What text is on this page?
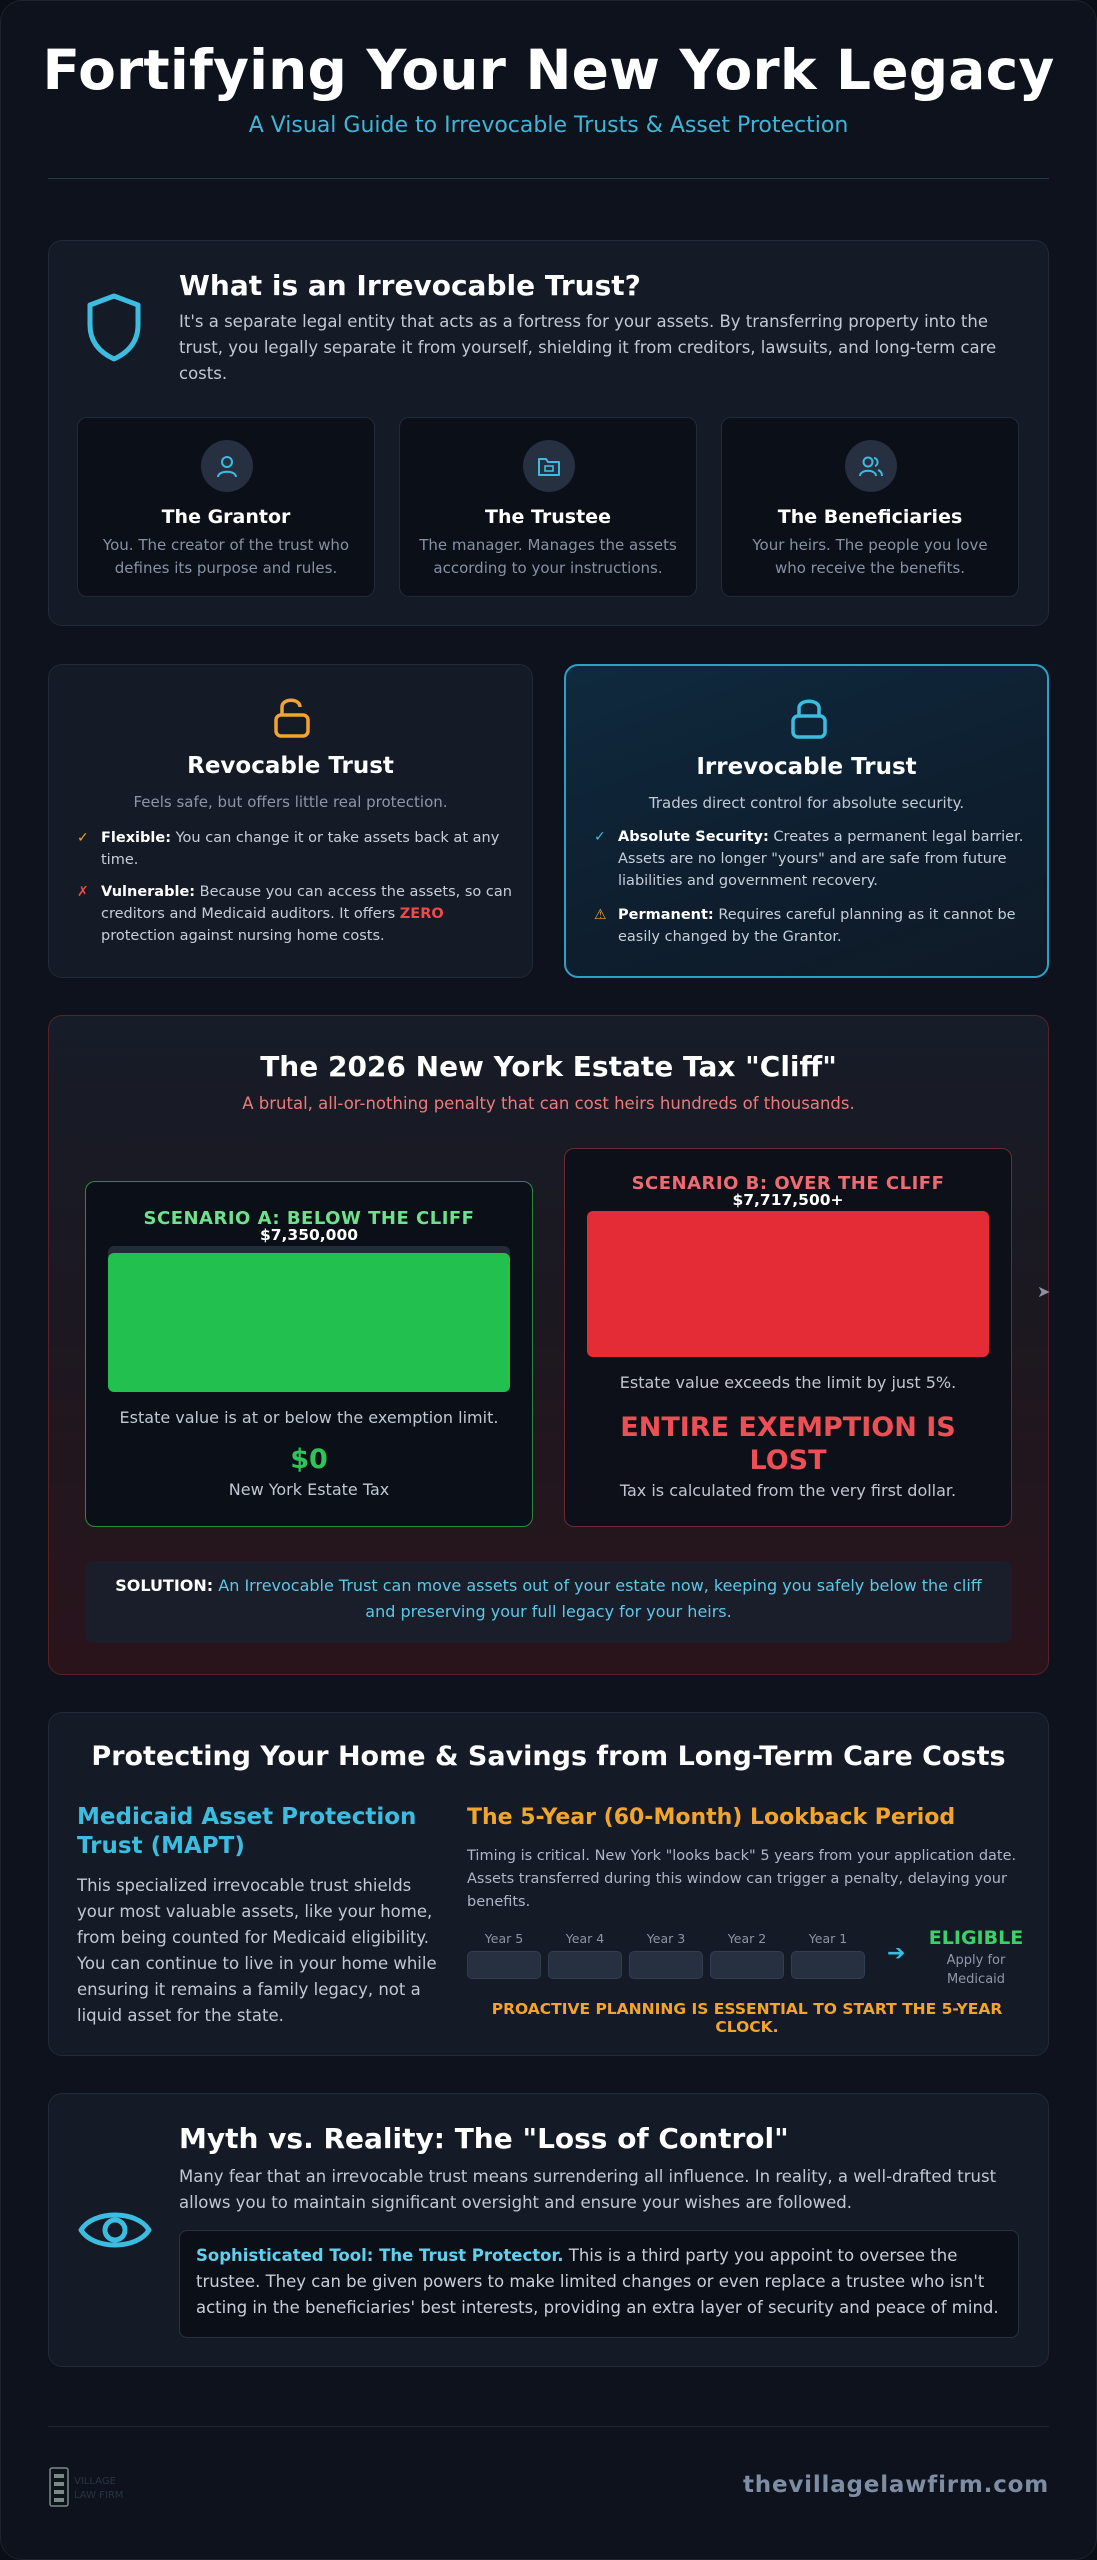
Fortifying Your New York Legacy
A Visual Guide to Irrevocable Trusts & Asset Protection
What is an Irrevocable Trust?
It's a separate legal entity that acts as a fortress for your assets. By transferring property into the trust, you legally separate it from yourself, shielding it from creditors, lawsuits, and long-term care costs.
The Grantor
You. The creator of the trust who defines its purpose and rules.
The Trustee
The manager. Manages the assets according to your instructions.
The Beneficiaries
Your heirs. The people you love who receive the benefits.
Revocable Trust
Feels safe, but offers little real protection.
✓ Flexible: You can change it or take assets back at any time.
✗ Vulnerable: Because you can access the assets, so can creditors and Medicaid auditors. It offers ZERO protection against nursing home costs.
Irrevocable Trust
Trades direct control for absolute security.
✓ Absolute Security: Creates a permanent legal barrier. Assets are no longer "yours" and are safe from future liabilities and government recovery.
⚠ Permanent: Requires careful planning as it cannot be easily changed by the Grantor.
The 2026 New York Estate Tax "Cliff"
A brutal, all-or-nothing penalty that can cost heirs hundreds of thousands.
SCENARIO A: BELOW THE CLIFF
$7,350,000
Estate value is at or below the exemption limit.
$0
New York Estate Tax
SCENARIO B: OVER THE CLIFF
$7,717,500+
Estate value exceeds the limit by just 5%.
ENTIRE EXEMPTION IS LOST
Tax is calculated from the very first dollar.
➤
SOLUTION: An Irrevocable Trust can move assets out of your estate now, keeping you safely below the cliff and preserving your full legacy for your heirs.
Protecting Your Home & Savings from Long-Term Care Costs
Medicaid Asset Protection Trust (MAPT)
This specialized irrevocable trust shields your most valuable assets, like your home, from being counted for Medicaid eligibility. You can continue to live in your home while ensuring it remains a family legacy, not a liquid asset for the state.
The 5-Year (60-Month) Lookback Period
Timing is critical. New York "looks back" 5 years from your application date. Assets transferred during this window can trigger a penalty, delaying your benefits.
Year 5	Year 4	Year 3	Year 2	Year 1
➔
ELIGIBLE
Apply for Medicaid
PROACTIVE PLANNING IS ESSENTIAL TO START THE 5-YEAR CLOCK.
Myth vs. Reality: The "Loss of Control"
Many fear that an irrevocable trust means surrendering all influence. In reality, a well-drafted trust allows you to maintain significant oversight and ensure your wishes are followed.
Sophisticated Tool: The Trust Protector. This is a third party you appoint to oversee the trustee. They can be given powers to make limited changes or even replace a trustee who isn't acting in the beneficiaries' best interests, providing an extra layer of security and peace of mind.
VILLAGE
LAW FIRM	thevillagelawfirm.com
